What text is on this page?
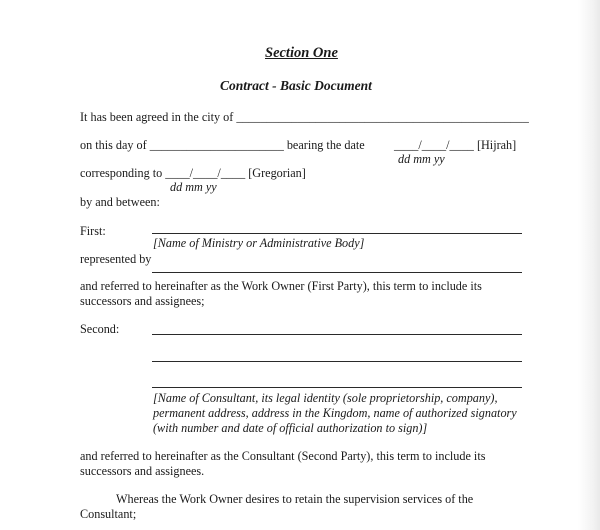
Section One
Contract - Basic Document
It has been agreed in the city of ________________________________________________
on this day of ______________________ bearing the date ____/____/____ [Hijrah]
dd mm yy
corresponding to ____/____/____ [Gregorian]
dd mm yy
by and between:
First:
[Name of Ministry or Administrative Body]
represented by
and referred to hereinafter as the Work Owner (First Party), this term to include its
successors and assignees;
Second:
[Name of Consultant, its legal identity (sole proprietorship, company),
permanent address, address in the Kingdom, name of authorized signatory
(with number and date of official authorization to sign)]
and referred to hereinafter as the Consultant (Second Party), this term to include its
successors and assignees.
Whereas the Work Owner desires to retain the supervision services of the
Consultant;
